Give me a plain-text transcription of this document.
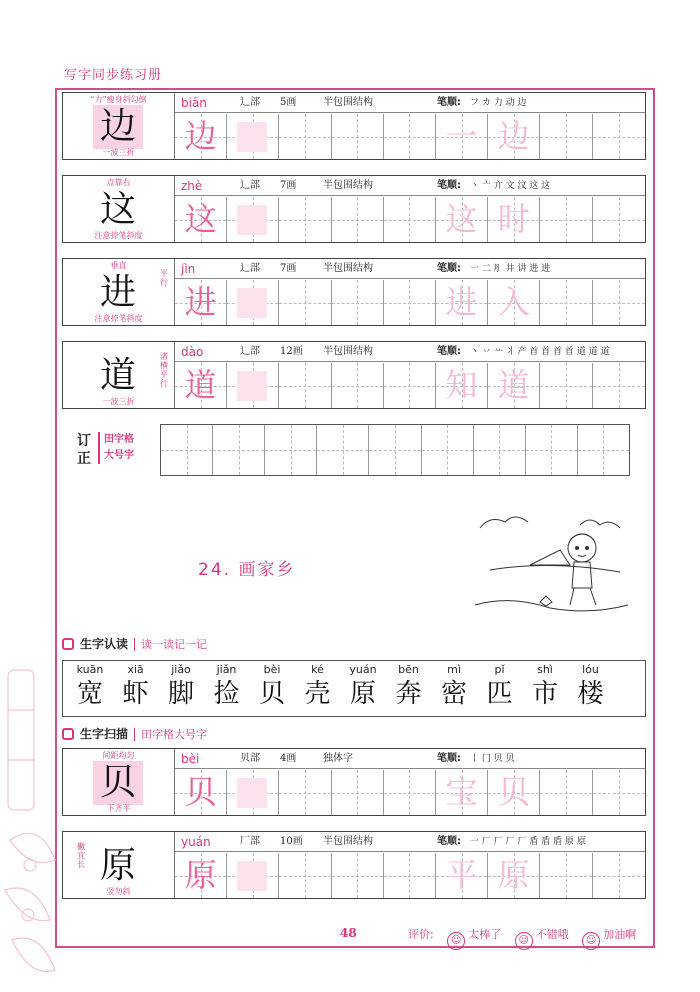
写字同步练习册
“力”瘦身斜勾倒
边
一波三折
biān	辶部 5画	半包围结构	笔顺: フ カ 力 动 边
边	一 边
点靠右
这
注意捺笔斜度
zhè	辶部 7画	半包围结构	笔顺: 丶 亠 亣 文 汶 这 这
这	这 时
垂直
进	平行
注意捺笔斜度
jìn	辶部 7画	半包围结构	笔顺: 一 二 ⺼ 井 讲 进 进
进	进 入
道	渚横平行
一波三折
dào	辶部 12画 半包围结构	笔顺: 丶 丷 䒑 丬 产 首 首 首 首 道 道 道
道	知 道
订正
田字格
大号字
24. 画家乡
生字认读 读一读记一记
kuān
宽
xiā
虾
jiǎo
脚
jiǎn
捡
bèi
贝
ké
壳
yuán
原
bēn
奔
mì
密
pǐ
匹
shì
市
lóu
楼
生字扫描 田字格大号字
间距均匀
贝
下齐平
bèi	贝部 4画	独体字	笔顺: 丨 冂 贝 贝
贝	宝 贝
原
撇宜长
竖勿斜
yuán	厂部 10画 半包围结构	笔顺: 一 厂 厂 厂 厂 盾 盾 盾 原 原
原	平 原
48	评价: ☺ 太棒了 ☺ 不错哦 ☺ 加油啊
